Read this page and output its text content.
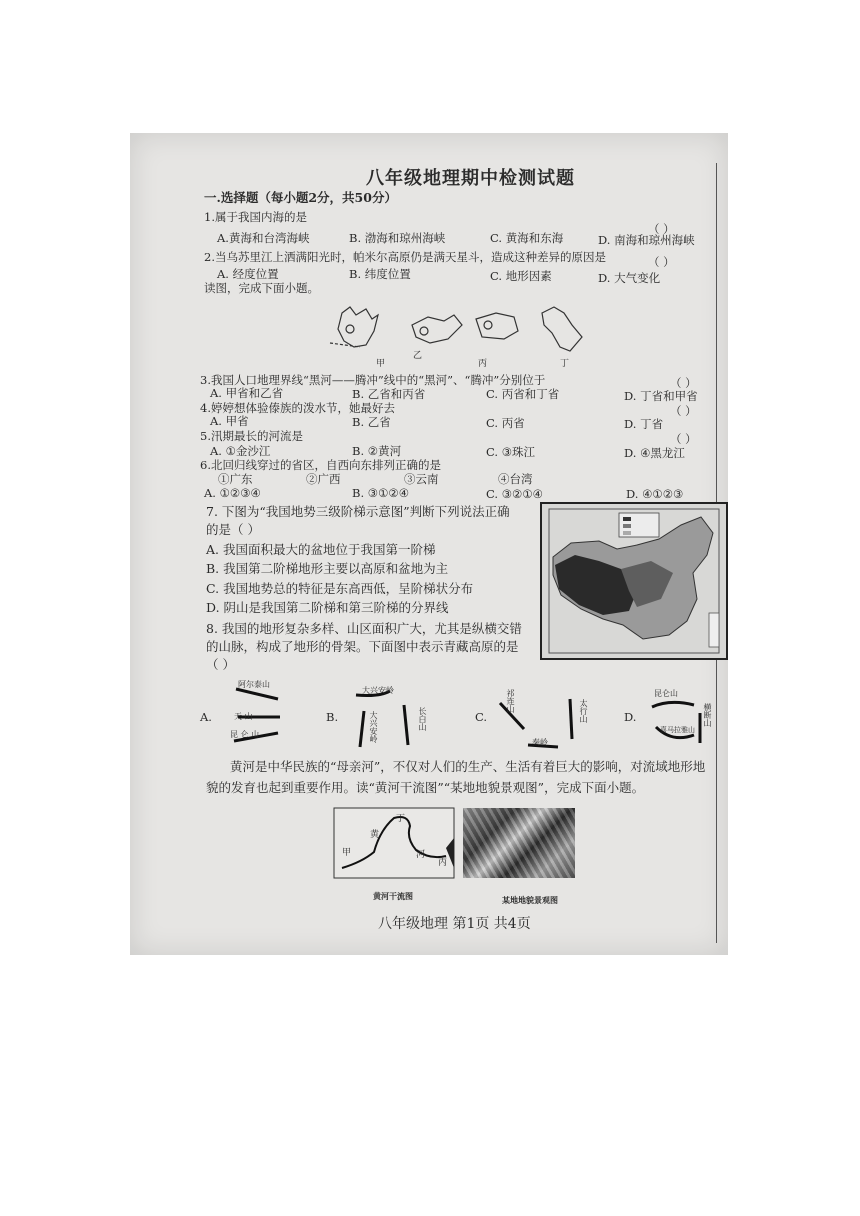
八年级地理期中检测试题
一.选择题（每小题2分，共50分）
1.属于我国内海的是
（ ）
A.黄海和台湾海峡	B. 渤海和琼州海峡	C. 黄海和东海	D. 南海和琼州海峡
2.当乌苏里江上洒满阳光时，帕米尔高原仍是满天星斗，造成这种差异的原因是	（ ）
A. 经度位置	B. 纬度位置	C. 地形因素	D. 大气变化
读图，完成下面小题。
甲
乙
丙	丁
3.我国人口地理界线“黑河——腾冲”线中的“黑河”、“腾冲”分别位于	（ ）
A. 甲省和乙省	B. 乙省和丙省	C. 丙省和丁省	D. 丁省和甲省
4.婷婷想体验傣族的泼水节，她最好去	（ ）
A. 甲省	B. 乙省	C. 丙省	D. 丁省
5.汛期最长的河流是	（ ）
A. ①金沙江	B. ②黄河	C. ③珠江	D. ④黑龙江
6.北回归线穿过的省区，自西向东排列正确的是
①广东	②广西	③云南	④台湾
A. ①②③④	B. ③①②④	C. ③②①④	D. ④①②③
7. 下图为“我国地势三级阶梯示意图”判断下列说法正确
的是（ ）
A. 我国面积最大的盆地位于我国第一阶梯
B. 我国第二阶梯地形主要以高原和盆地为主
C. 我国地势总的特征是东高西低，呈阶梯状分布
D. 阴山是我国第二阶梯和第三阶梯的分界线
8. 我国的地形复杂多样、山区面积广大，尤其是纵横交错
的山脉，构成了地形的骨架。下面图中表示青藏高原的是
（ ）
A.	B.	C.	D.
阿尔泰山
天 山
昆 仑 山
大兴安岭
大兴安岭	长白山
祁连山	太行山
秦岭
昆仑山
横断山
喜马拉雅山
黄河是中华民族的“母亲河”，不仅对人们的生产、生活有着巨大的影响，对流域地形地
貌的发育也起到重要作用。读“黄河干流图”“某地地貌景观图”，完成下面小题。
甲
丁
黄
河
丙
黄河干流图	某地地貌景观图
八年级地理 第1页 共4页
